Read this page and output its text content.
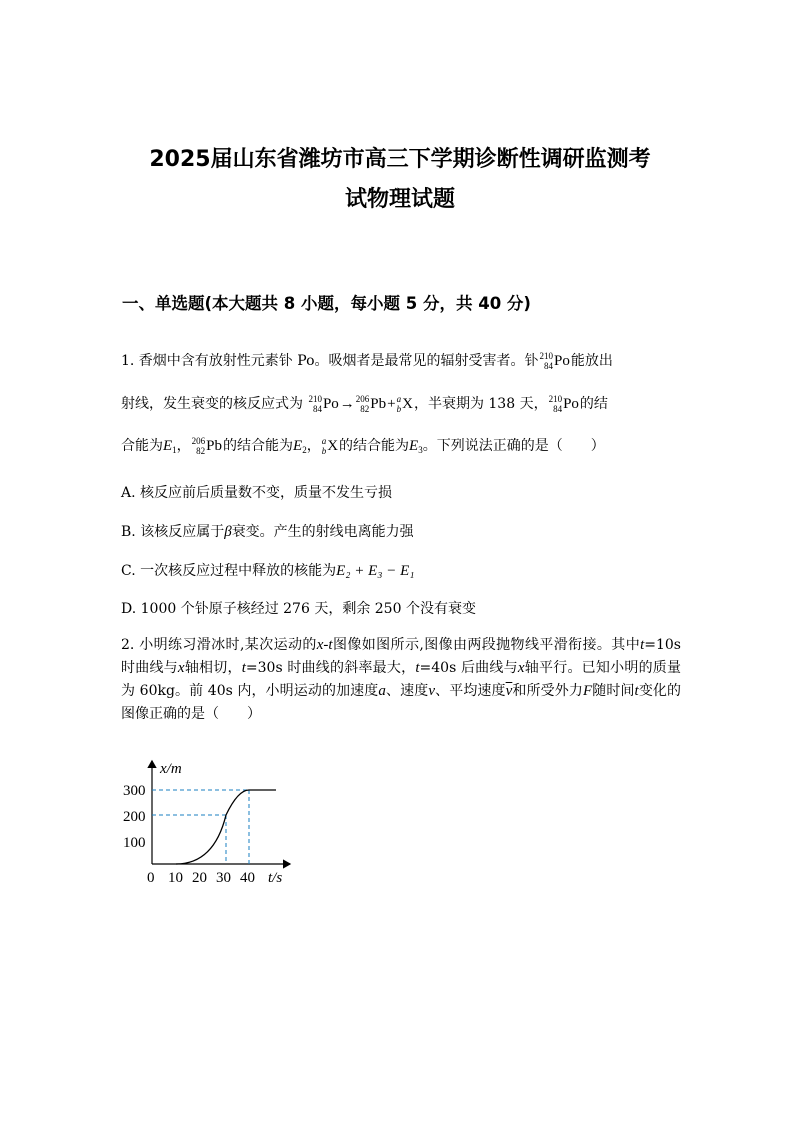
2025届山东省潍坊市高三下学期诊断性调研监测考
试物理试题
一、单选题(本大题共 8 小题，每小题 5 分，共 40 分)
1. 香烟中含有放射性元素钋 Po。吸烟者是最常见的辐射受害者。钋 210
84 Po 能放出
射线，发生衰变的核反应式为 210
84 Po → 206
82 Pb + a
b X ，半衰期为 138 天， 210
84 Po 的结
合能为$E_1$， 206
82 Pb 的结合能为$E_2$， a
b X 的结合能为$E_3$。下列说法正确的是（　　）
A. 核反应前后质量数不变，质量不发生亏损
B. 该核反应属于β衰变。产生的射线电离能力强
C. 一次核反应过程中释放的核能为E₂ + E₃ − E₁
D. 1000 个钋原子核经过 276 天，剩余 250 个没有衰变
2. 小明练习滑冰时,某次运动的x-t图像如图所示,图像由两段抛物线平滑衔接。其中t=10s 时曲线与x轴相切，t=30s 时曲线的斜率最大，t=40s 后曲线与x轴平行。已知小明的质量为 60kg。前 40s 内，小明运动的加速度a、速度v、平均速度$\overline{v}$和所受外力F随时间t变化的图像正确的是（　　）
x/m
t/s
300
200
100
0 10 20 30 40
